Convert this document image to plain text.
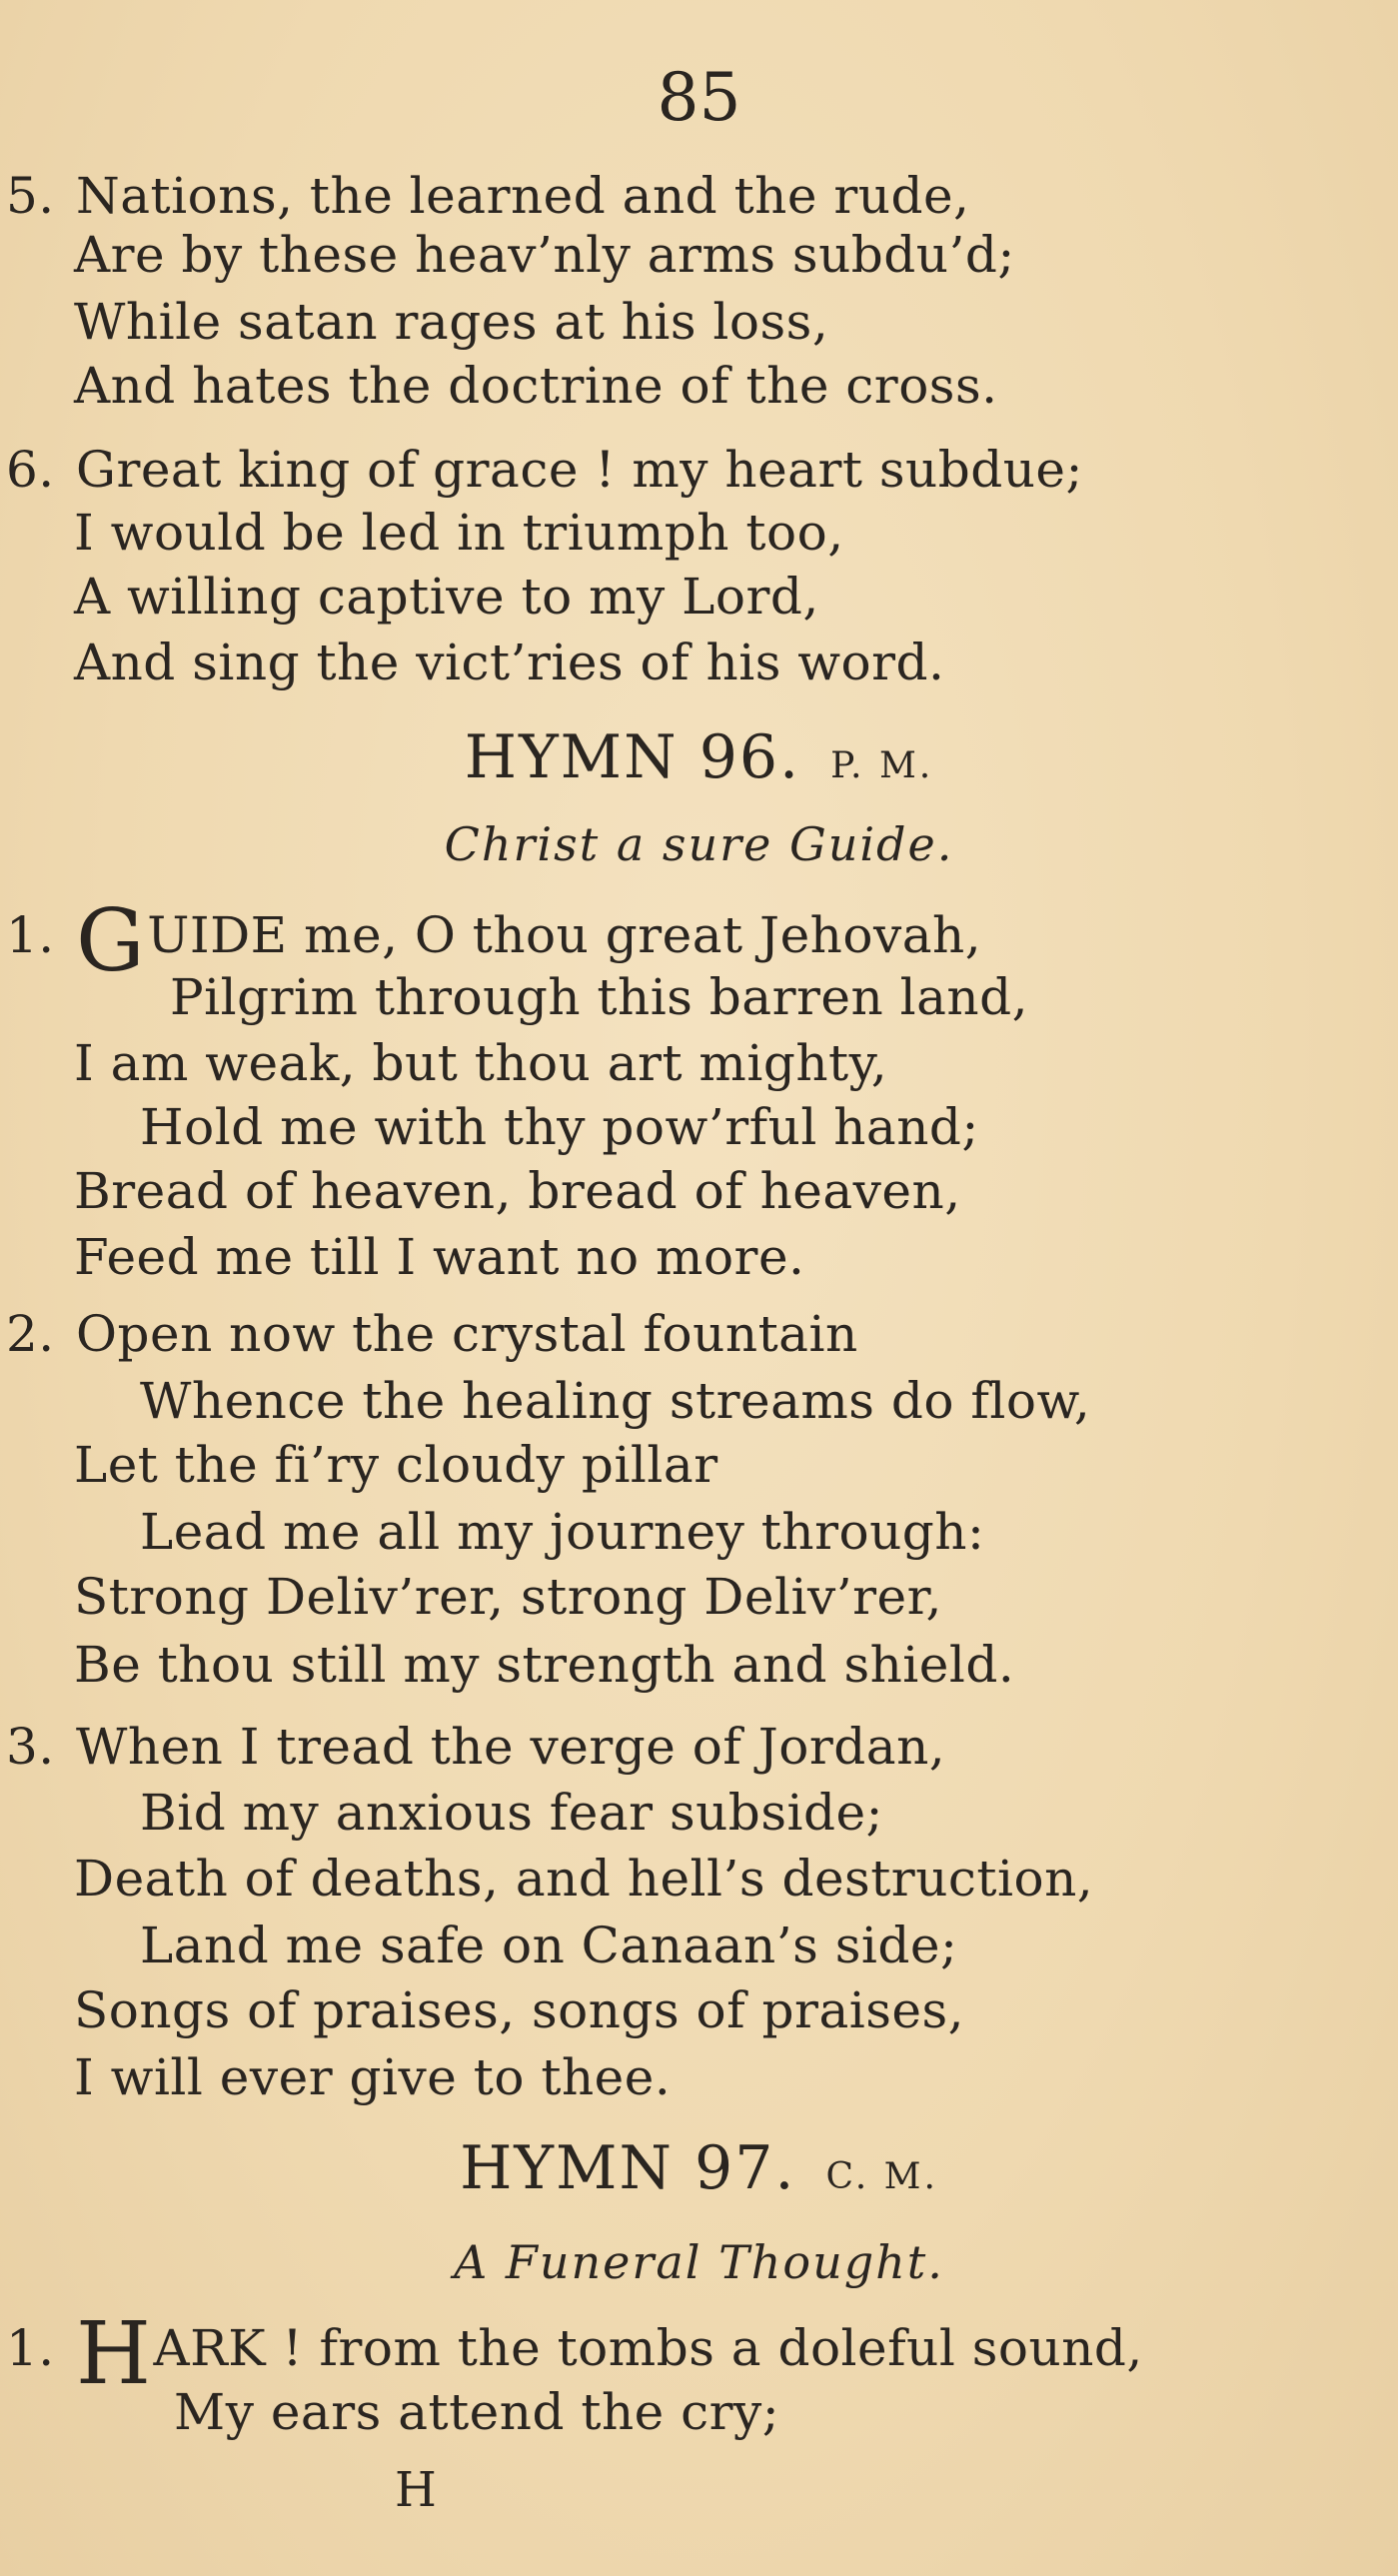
85
5. Nations, the learned and the rude,
Are by these heav’nly arms subdu’d;
While satan rages at his loss,
And hates the doctrine of the cross.
6. Great king of grace ! my heart subdue;
I would be led in triumph too,
A willing captive to my Lord,
And sing the vict’ries of his word.
HYMN 96. P. M.
Christ a sure Guide.
1. GUIDE me, O thou great Jehovah,
Pilgrim through this barren land,
I am weak, but thou art mighty,
Hold me with thy pow’rful hand;
Bread of heaven, bread of heaven,
Feed me till I want no more.
2. Open now the crystal fountain
Whence the healing streams do flow,
Let the fi’ry cloudy pillar
Lead me all my journey through:
Strong Deliv’rer, strong Deliv’rer,
Be thou still my strength and shield.
3. When I tread the verge of Jordan,
Bid my anxious fear subside;
Death of deaths, and hell’s destruction,
Land me safe on Canaan’s side;
Songs of praises, songs of praises,
I will ever give to thee.
HYMN 97. C. M.
A Funeral Thought.
1. HARK ! from the tombs a doleful sound,
My ears attend the cry;
H
